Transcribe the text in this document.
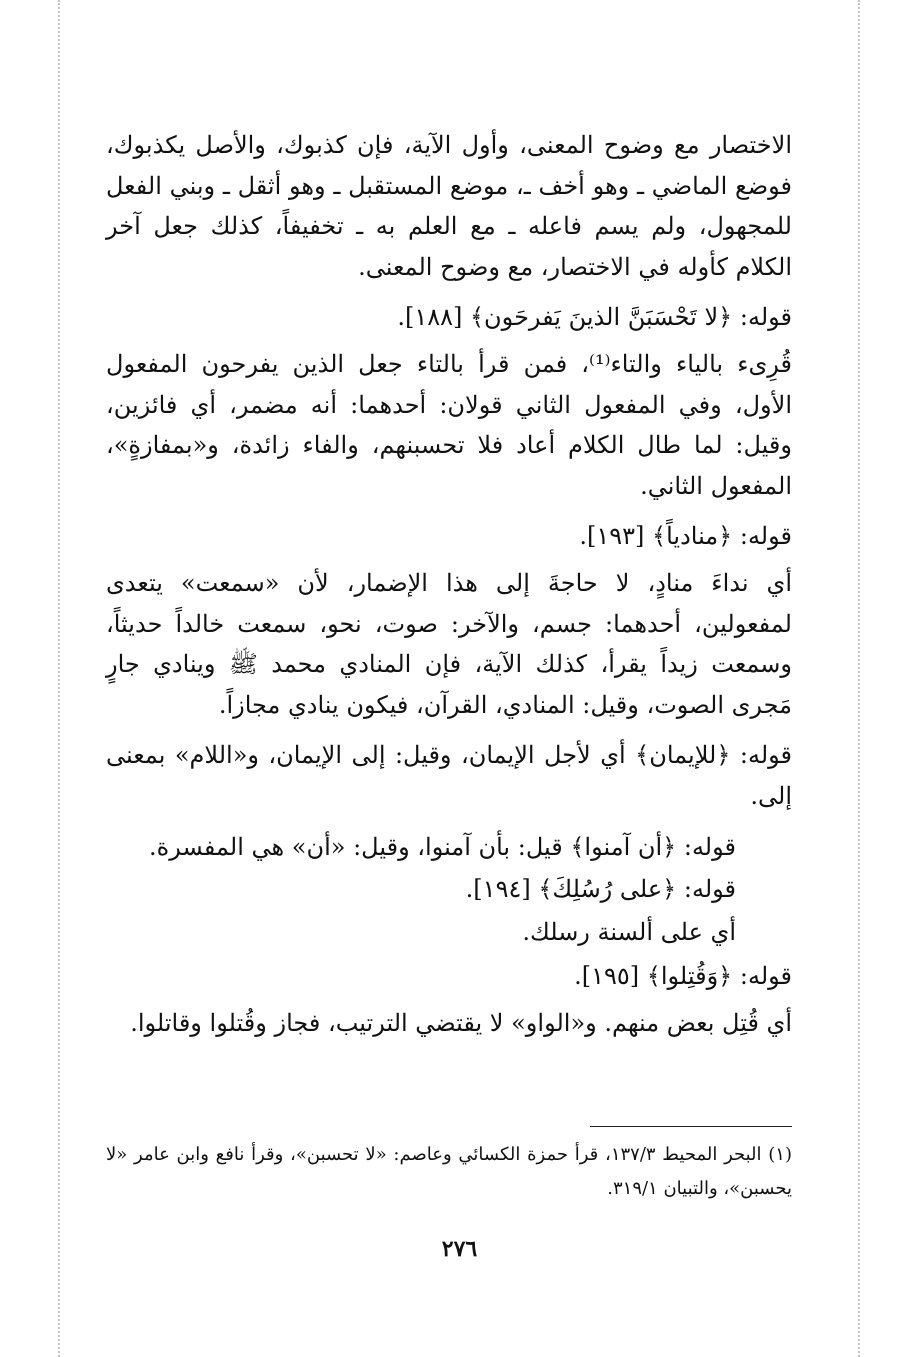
الاختصار مع وضوح المعنى، وأول الآية، فإن كذبوك، والأصل يكذبوك، فوضع الماضي ـ وهو أخف ـ، موضع المستقبل ـ وهو أثقل ـ وبني الفعل للمجهول، ولم يسم فاعله ـ مع العلم به ـ تخفيفاً، كذلك جعل آخر الكلام كأوله في الاختصار، مع وضوح المعنى.

قوله: ﴿لا تَحْسَبَنَّ الذينَ يَفرحَون﴾ [١٨٨].

قُرِىء بالياء والتاء⁽¹⁾، فمن قرأ بالتاء جعل الذين يفرحون المفعول الأول، وفي المفعول الثاني قولان: أحدهما: أنه مضمر، أي فائزين، وقيل: لما طال الكلام أعاد فلا تحسبنهم، والفاء زائدة، و«بمفازةٍ»، المفعول الثاني.

قوله: ﴿منادياً﴾ [١٩٣].

أي نداءَ منادٍ، لا حاجةَ إلى هذا الإضمار، لأن «سمعت» يتعدى لمفعولين، أحدهما: جسم، والآخر: صوت، نحو، سمعت خالداً حديثاً، وسمعت زيداً يقرأ، كذلك الآية، فإن المنادي محمد ﷺ وينادي جارٍ مَجرى الصوت، وقيل: المنادي، القرآن، فيكون ينادي مجازاً.

قوله: ﴿للإيمان﴾ أي لأجل الإيمان، وقيل: إلى الإيمان، و«اللام» بمعنى إلى.

قوله: ﴿أن آمنوا﴾ قيل: بأن آمنوا، وقيل: «أن» هي المفسرة.

قوله: ﴿على رُسُلِكَ﴾ [١٩٤].

أي على ألسنة رسلك.

قوله: ﴿وَقُتِلوا﴾ [١٩٥].

أي قُتِل بعض منهم. و«الواو» لا يقتضي الترتيب، فجاز وقُتلوا وقاتلوا.

(١) البحر المحيط ١٣٧/٣، قرأ حمزة الكسائي وعاصم: «لا تحسبن»، وقرأ نافع وابن عامر «لا يحسبن»، والتبيان ٣١٩/١.

٢٧٦
